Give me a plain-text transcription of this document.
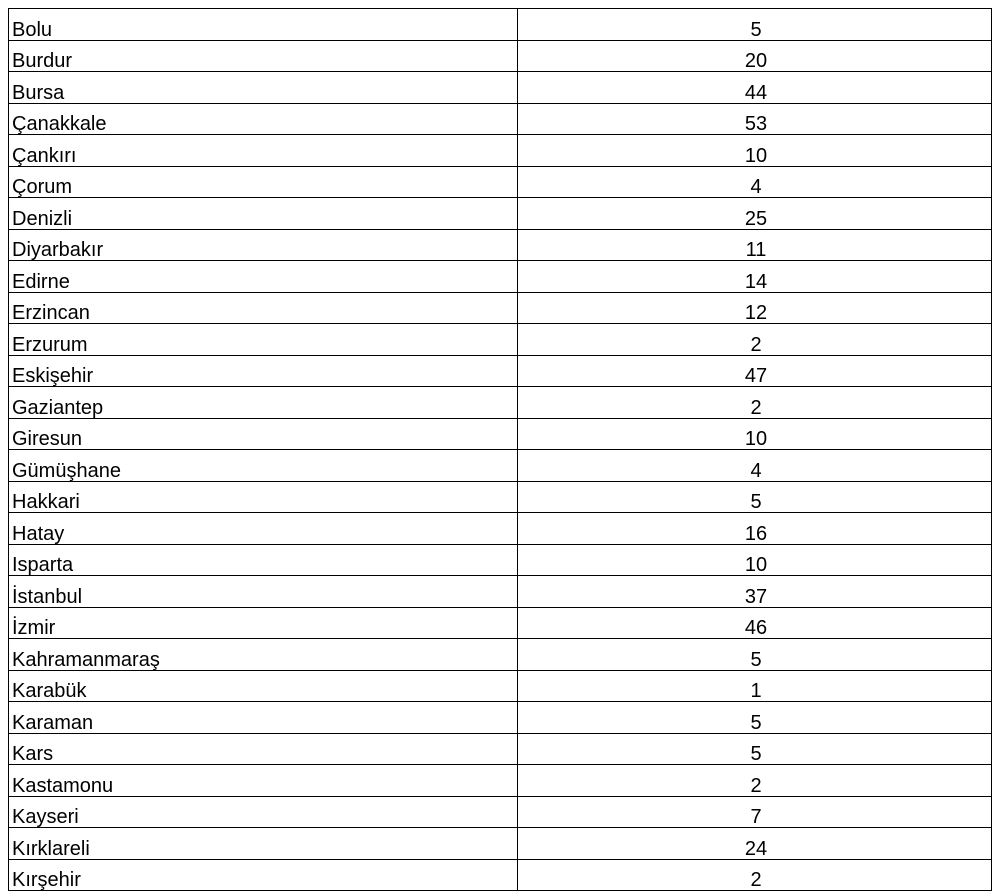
Bolu	5
Burdur	20
Bursa	44
Çanakkale	53
Çankırı	10
Çorum	4
Denizli	25
Diyarbakır	11
Edirne	14
Erzincan	12
Erzurum	2
Eskişehir	47
Gaziantep	2
Giresun	10
Gümüşhane	4
Hakkari	5
Hatay	16
Isparta	10
İstanbul	37
İzmir	46
Kahramanmaraş	5
Karabük	1
Karaman	5
Kars	5
Kastamonu	2
Kayseri	7
Kırklareli	24
Kırşehir	2
